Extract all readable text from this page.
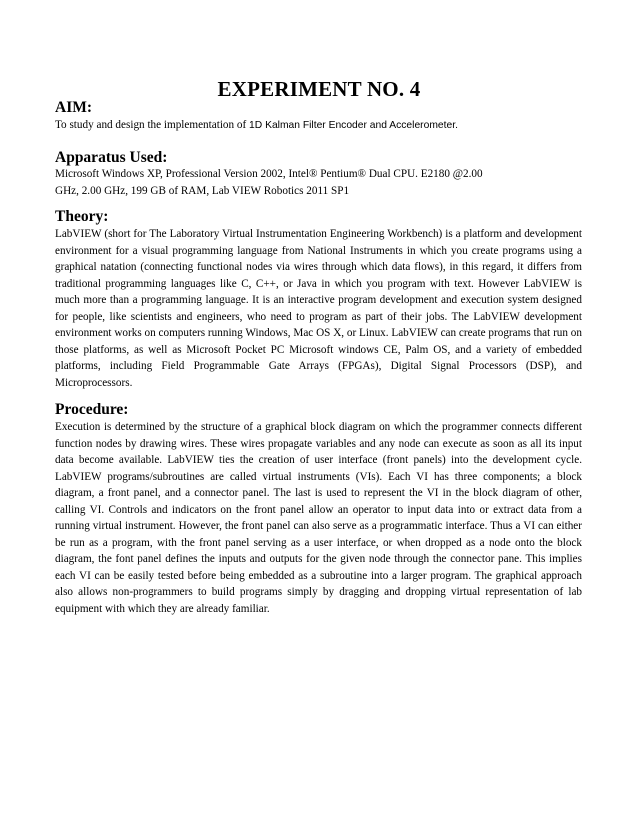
EXPERIMENT NO. 4
AIM:
To study and design the implementation of 1D Kalman Filter Encoder and Accelerometer.
Apparatus Used:
Microsoft Windows XP, Professional Version 2002, Intel® Pentium® Dual CPU. E2180 @2.00
GHz, 2.00 GHz, 199 GB of RAM, Lab VIEW Robotics 2011 SP1
Theory:
LabVIEW (short for The Laboratory Virtual Instrumentation Engineering Workbench) is a platform and development environment for a visual programming language from National Instruments in which you create programs using a graphical natation (connecting functional nodes via wires through which data flows), in this regard, it differs from traditional programming languages like C, C++, or Java in which you program with text. However LabVIEW is much more than a programming language. It is an interactive program development and execution system designed for people, like scientists and engineers, who need to program as part of their jobs. The LabVIEW development environment works on computers running Windows, Mac OS X, or Linux. LabVIEW can create programs that run on those platforms, as well as Microsoft Pocket PC Microsoft windows CE, Palm OS, and a variety of embedded platforms, including Field Programmable Gate Arrays (FPGAs), Digital Signal Processors (DSP), and Microprocessors.
Procedure:
Execution is determined by the structure of a graphical block diagram on which the programmer connects different function nodes by drawing wires. These wires propagate variables and any node can execute as soon as all its input data become available. LabVIEW ties the creation of user interface (front panels) into the development cycle. LabVIEW programs/subroutines are called virtual instruments (VIs). Each VI has three components; a block diagram, a front panel, and a connector panel. The last is used to represent the VI in the block diagram of other, calling VI. Controls and indicators on the front panel allow an operator to input data into or extract data from a running virtual instrument. However, the front panel can also serve as a programmatic interface. Thus a VI can either be run as a program, with the front panel serving as a user interface, or when dropped as a node onto the block diagram, the font panel defines the inputs and outputs for the given node through the connector pane. This implies each VI can be easily tested before being embedded as a subroutine into a larger program. The graphical approach also allows non-programmers to build programs simply by dragging and dropping virtual representation of lab equipment with which they are already familiar.
